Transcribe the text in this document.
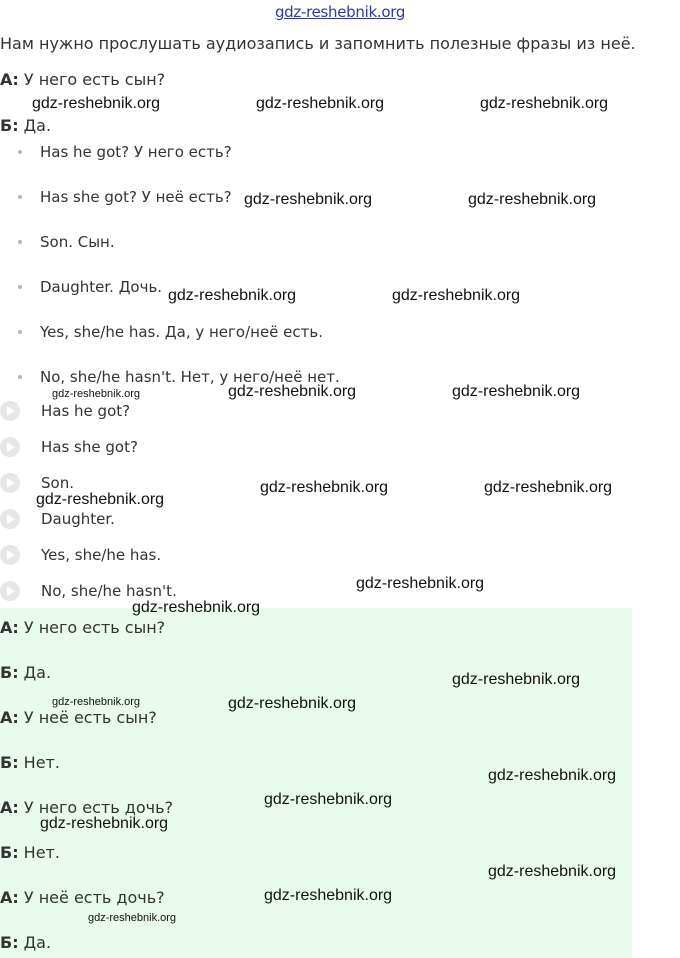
gdz-reshebnik.org
Нам нужно прослушать аудиозапись и запомнить полезные фразы из неё.
А: У него есть сын?
Б: Да.
Has he got? У него есть?
Has she got? У неё есть?
Son. Сын.
Daughter. Дочь.
Yes, she/he has. Да, у него/неё есть.
No, she/he hasn't. Нет, у него/неё нет.
Has he got?
Has she got?
Son.
Daughter.
Yes, she/he has.
No, she/he hasn't.
А: У него есть сын?
Б: Да.
А: У неё есть сын?
Б: Нет.
А: У него есть дочь?
Б: Нет.
А: У неё есть дочь?
Б: Да.
gdz-reshebnik.org	gdz-reshebnik.org	gdz-reshebnik.org
gdz-reshebnik.org	gdz-reshebnik.org
gdz-reshebnik.org	gdz-reshebnik.org
gdz-reshebnik.org	gdz-reshebnik.org	gdz-reshebnik.org
gdz-reshebnik.org
gdz-reshebnik.org	gdz-reshebnik.org
gdz-reshebnik.org
gdz-reshebnik.org
gdz-reshebnik.org
gdz-reshebnik.org	gdz-reshebnik.org
gdz-reshebnik.org
gdz-reshebnik.org
gdz-reshebnik.org
gdz-reshebnik.org
gdz-reshebnik.org
gdz-reshebnik.org
